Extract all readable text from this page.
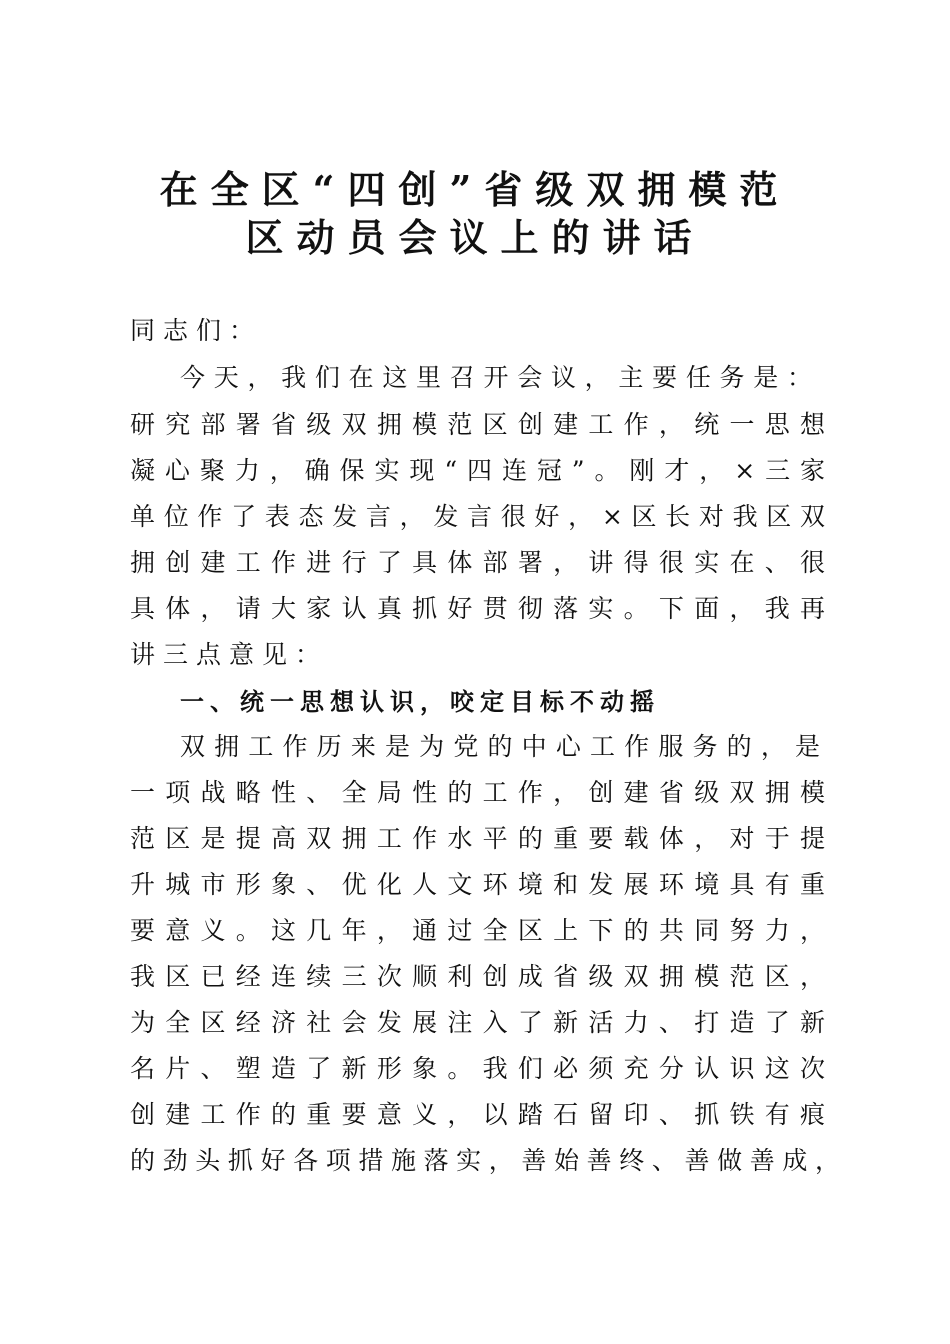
在全区“四创”省级双拥模范
区动员会议上的讲话
同志们：
今天，我们在这里召开会议，主要任务是：
研究部署省级双拥模范区创建工作，统一思想
凝心聚力，确保实现“四连冠”。刚才，×三家
单位作了表态发言，发言很好，×区长对我区双
拥创建工作进行了具体部署，讲得很实在、很
具体，请大家认真抓好贯彻落实。下面，我再
讲三点意见：
一、统一思想认识，咬定目标不动摇
双拥工作历来是为党的中心工作服务的，是
一项战略性、全局性的工作，创建省级双拥模
范区是提高双拥工作水平的重要载体，对于提
升城市形象、优化人文环境和发展环境具有重
要意义。这几年，通过全区上下的共同努力，
我区已经连续三次顺利创成省级双拥模范区，
为全区经济社会发展注入了新活力、打造了新
名片、塑造了新形象。我们必须充分认识这次
创建工作的重要意义，以踏石留印、抓铁有痕
的劲头抓好各项措施落实，善始善终、善做善成，
